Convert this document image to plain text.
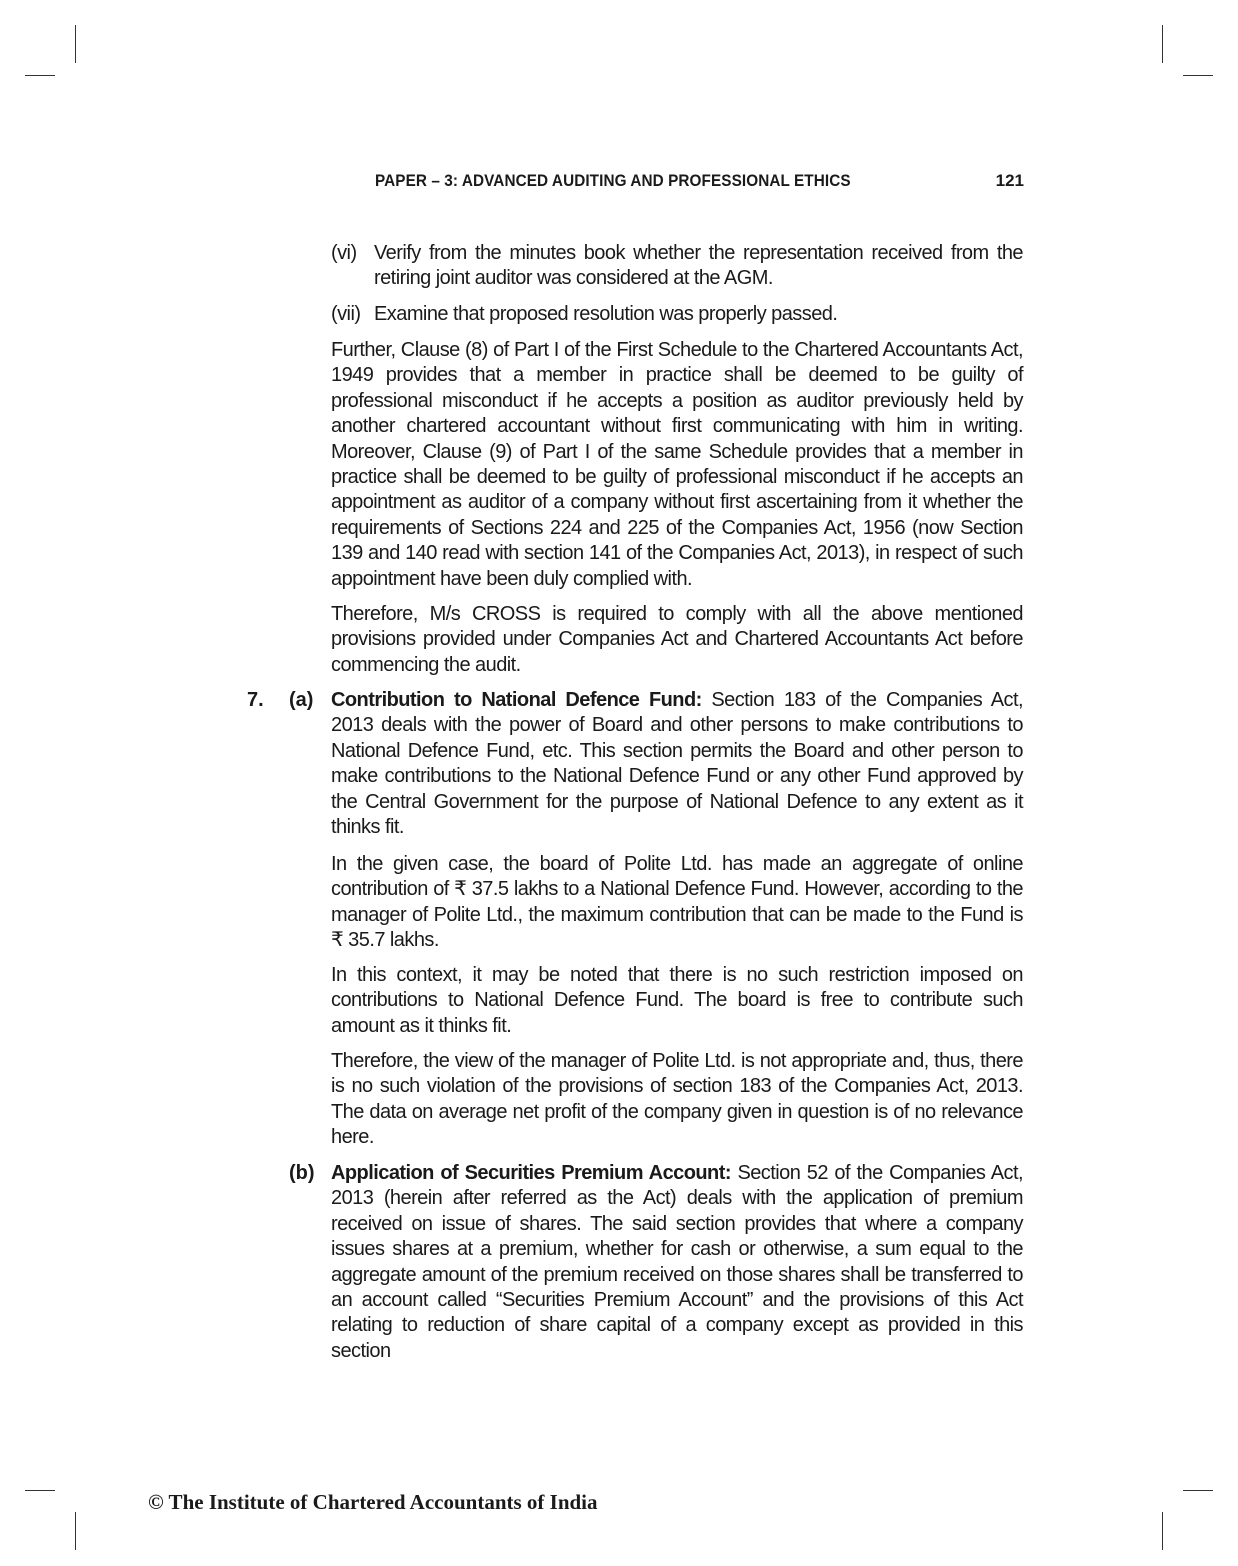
PAPER – 3: ADVANCED AUDITING AND PROFESSIONAL ETHICS	121
(vi) Verify from the minutes book whether the representation received from the retiring joint auditor was considered at the AGM.
(vii) Examine that proposed resolution was properly passed.
Further, Clause (8) of Part I of the First Schedule to the Chartered Accountants Act, 1949 provides that a member in practice shall be deemed to be guilty of professional misconduct if he accepts a position as auditor previously held by another chartered accountant without first communicating with him in writing. Moreover, Clause (9) of Part I of the same Schedule provides that a member in practice shall be deemed to be guilty of professional misconduct if he accepts an appointment as auditor of a company without first ascertaining from it whether the requirements of Sections 224 and 225 of the Companies Act, 1956 (now Section 139 and 140 read with section 141 of the Companies Act, 2013), in respect of such appointment have been duly complied with.
Therefore, M/s CROSS is required to comply with all the above mentioned provisions provided under Companies Act and Chartered Accountants Act before commencing the audit.
7. (a) Contribution to National Defence Fund: Section 183 of the Companies Act, 2013 deals with the power of Board and other persons to make contributions to National Defence Fund, etc. This section permits the Board and other person to make contributions to the National Defence Fund or any other Fund approved by the Central Government for the purpose of National Defence to any extent as it thinks fit.
In the given case, the board of Polite Ltd. has made an aggregate of online contribution of ₹ 37.5 lakhs to a National Defence Fund. However, according to the manager of Polite Ltd., the maximum contribution that can be made to the Fund is ₹ 35.7 lakhs.
In this context, it may be noted that there is no such restriction imposed on contributions to National Defence Fund. The board is free to contribute such amount as it thinks fit.
Therefore, the view of the manager of Polite Ltd. is not appropriate and, thus, there is no such violation of the provisions of section 183 of the Companies Act, 2013. The data on average net profit of the company given in question is of no relevance here.
(b) Application of Securities Premium Account: Section 52 of the Companies Act, 2013 (herein after referred as the Act) deals with the application of premium received on issue of shares. The said section provides that where a company issues shares at a premium, whether for cash or otherwise, a sum equal to the aggregate amount of the premium received on those shares shall be transferred to an account called “Securities Premium Account” and the provisions of this Act relating to reduction of share capital of a company except as provided in this section
© The Institute of Chartered Accountants of India
